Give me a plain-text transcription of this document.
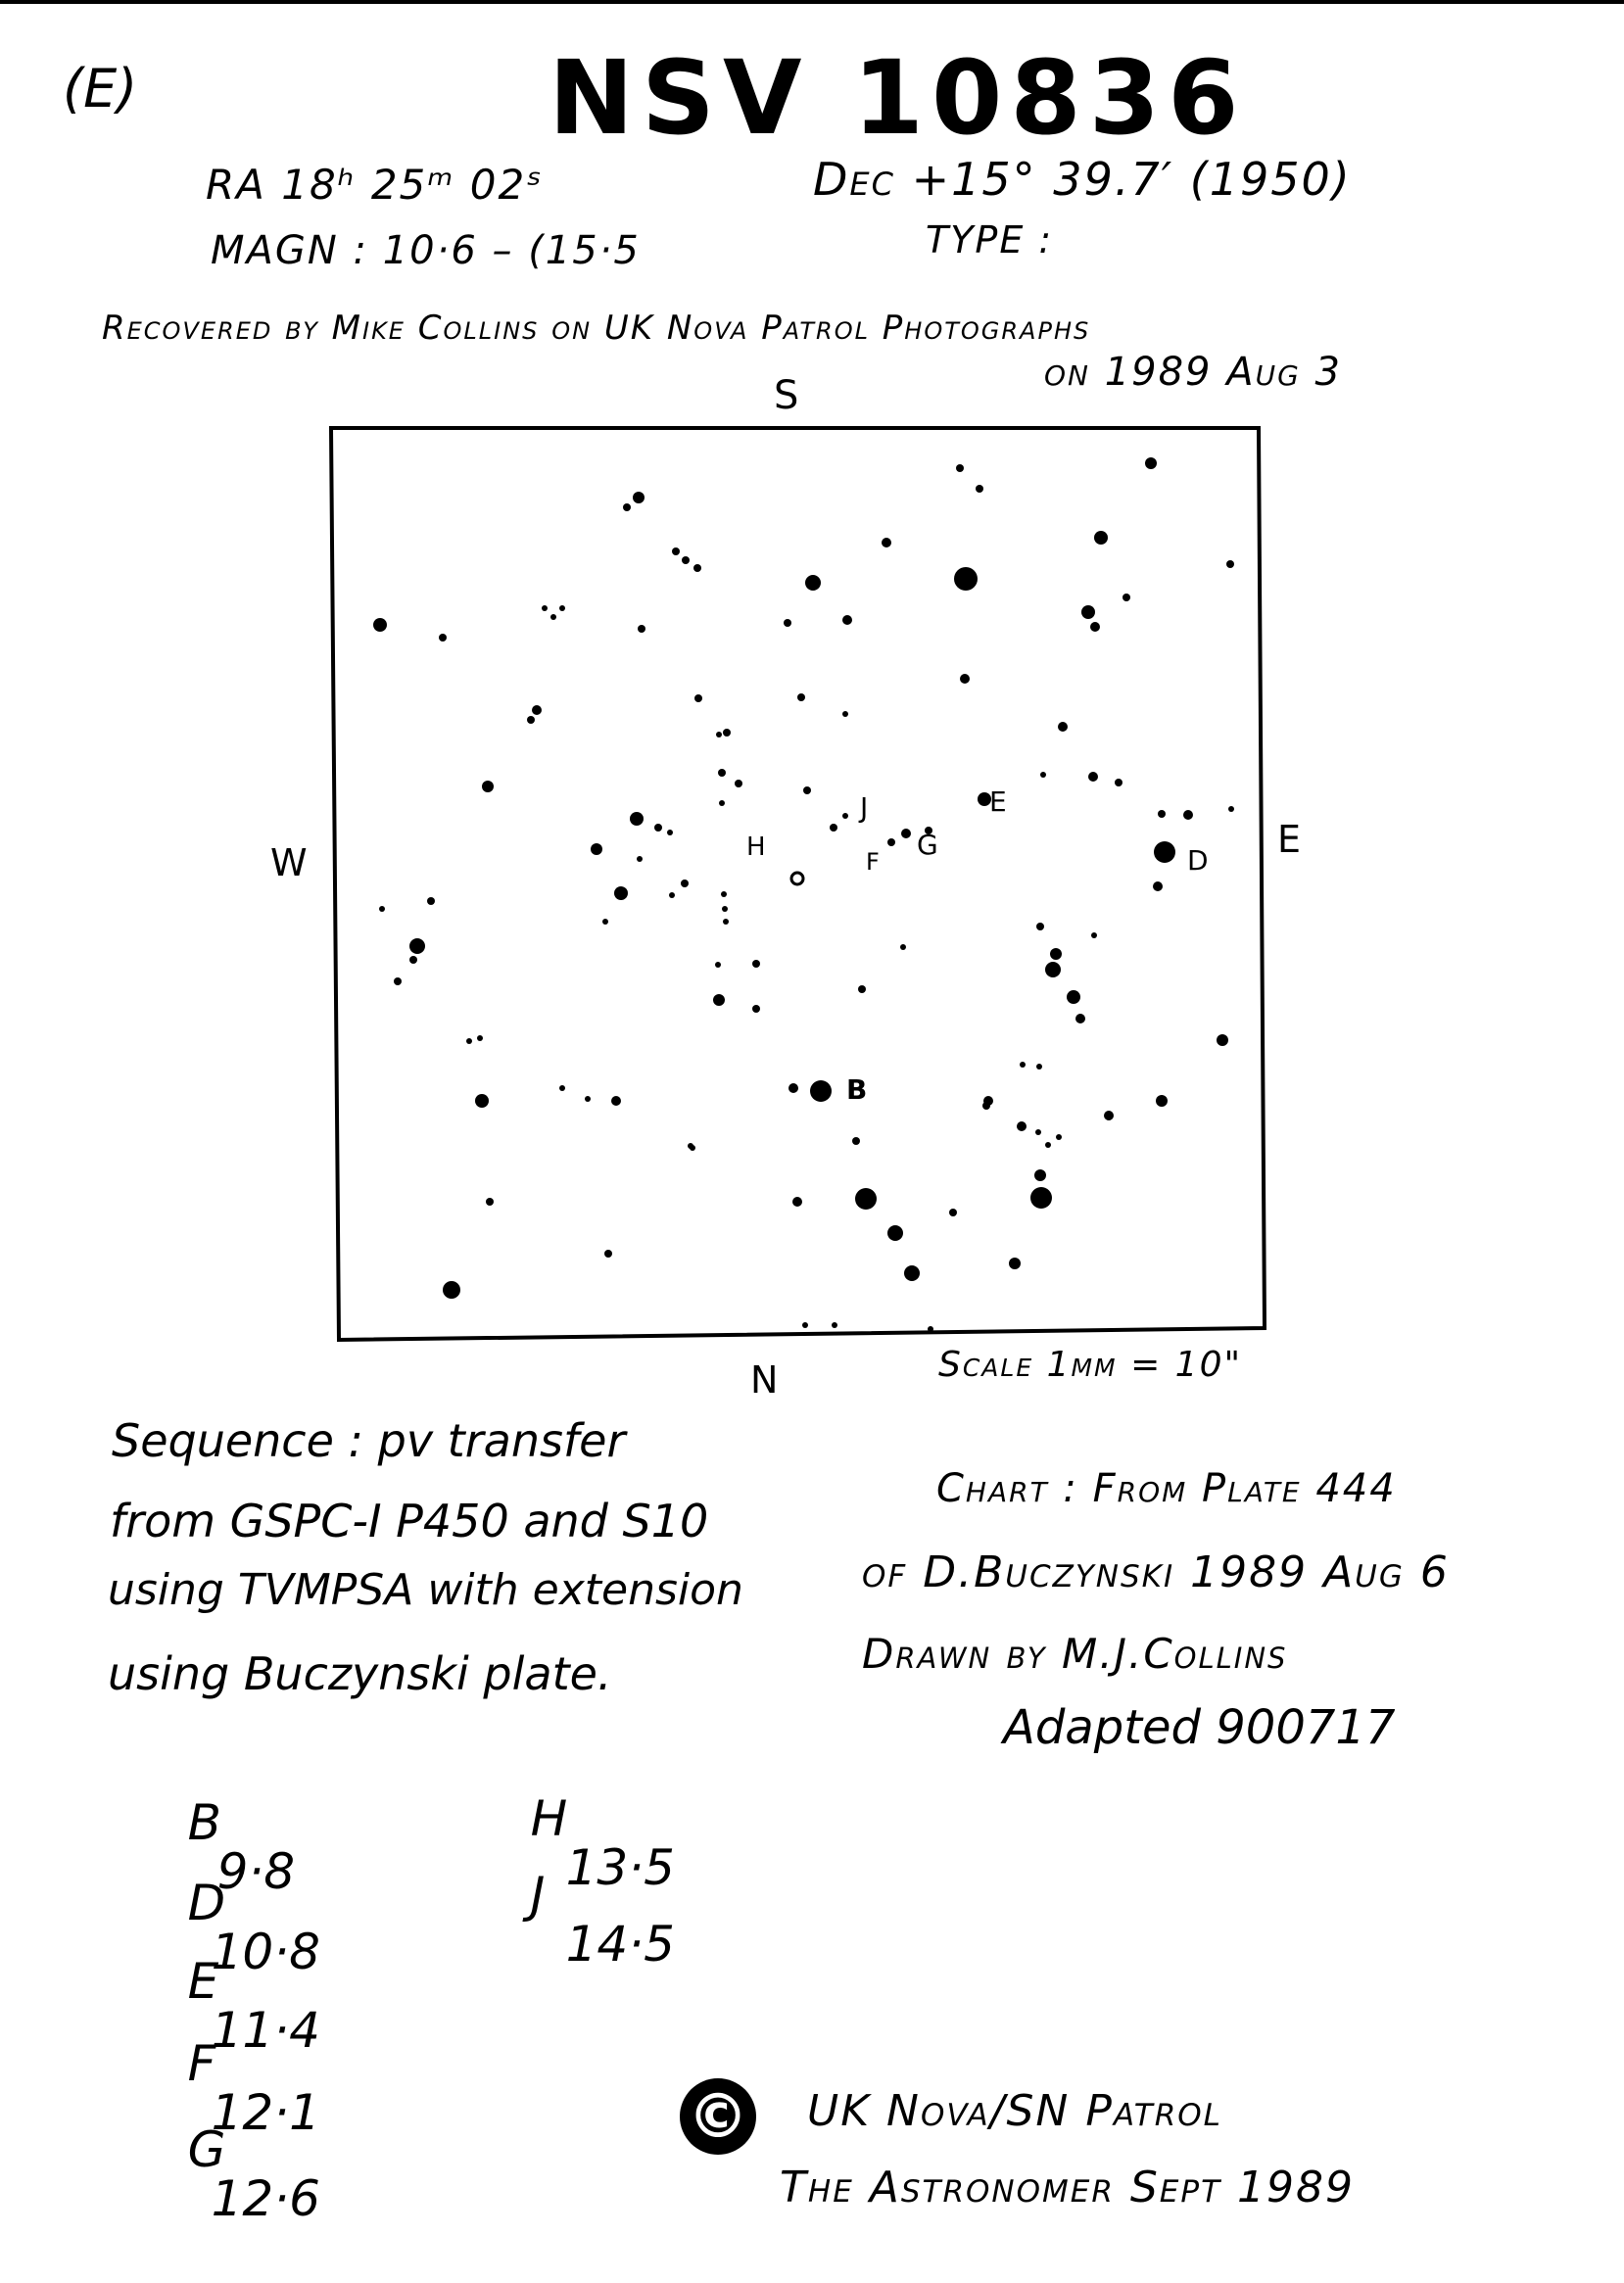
(E)	NSV 10836
RA 18ʰ 25ᵐ 02ˢ	Dec +15° 39.7′ (1950)
MAGN : 10·6 – (15·5	TYPE :
Recovered by Mike Collins on UK Nova Patrol Photographs
on 1989 Aug 3
S
W
E
N	Scale 1mm = 10"
B
D
E
F
G
H
J
Sequence : pv transfer
from GSPC-I P450 and S10
using TVMPSA with extension
using Buczynski plate.

B
9·8

D
10·8

E
11·4

F
12·1

G
12·6

H
13·5

J
14·5

Chart : From Plate 444
of D.Buczynski 1989 Aug 6
Drawn by M.J.Collins
Adapted 900717
© UK Nova/SN Patrol
The Astronomer Sept 1989
